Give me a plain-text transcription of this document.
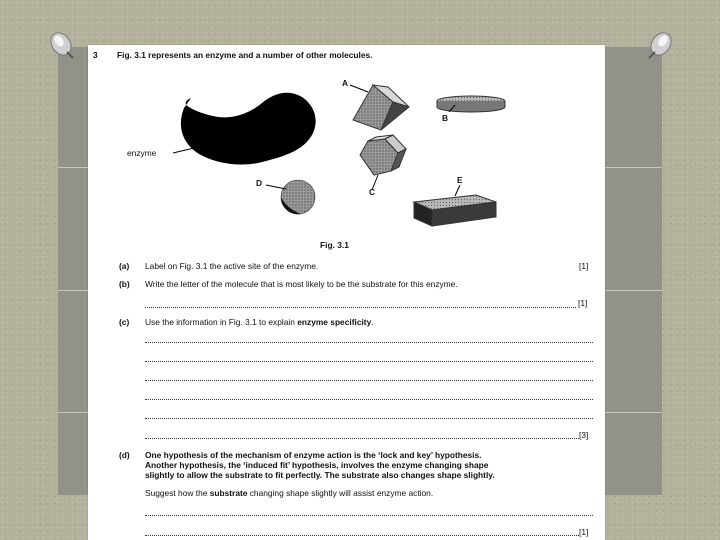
3 Fig. 3.1 represents an enzyme and a number of other molecules.
enzyme
A
B
C
D	E
Fig. 3.1
(a) Label on Fig. 3.1 the active site of the enzyme.	[1]
(b) Write the letter of the molecule that is most likely to be the substrate for this enzyme.
[1]
(c) Use the information in Fig. 3.1 to explain enzyme specificity.
[3]
(d) One hypothesis of the mechanism of enzyme action is the ‘lock and key’ hypothesis.
Another hypothesis, the ‘induced fit’ hypothesis, involves the enzyme changing shape
slightly to allow the substrate to fit perfectly. The substrate also changes shape slightly.
Suggest how the substrate changing shape slightly will assist enzyme action.
[1]
